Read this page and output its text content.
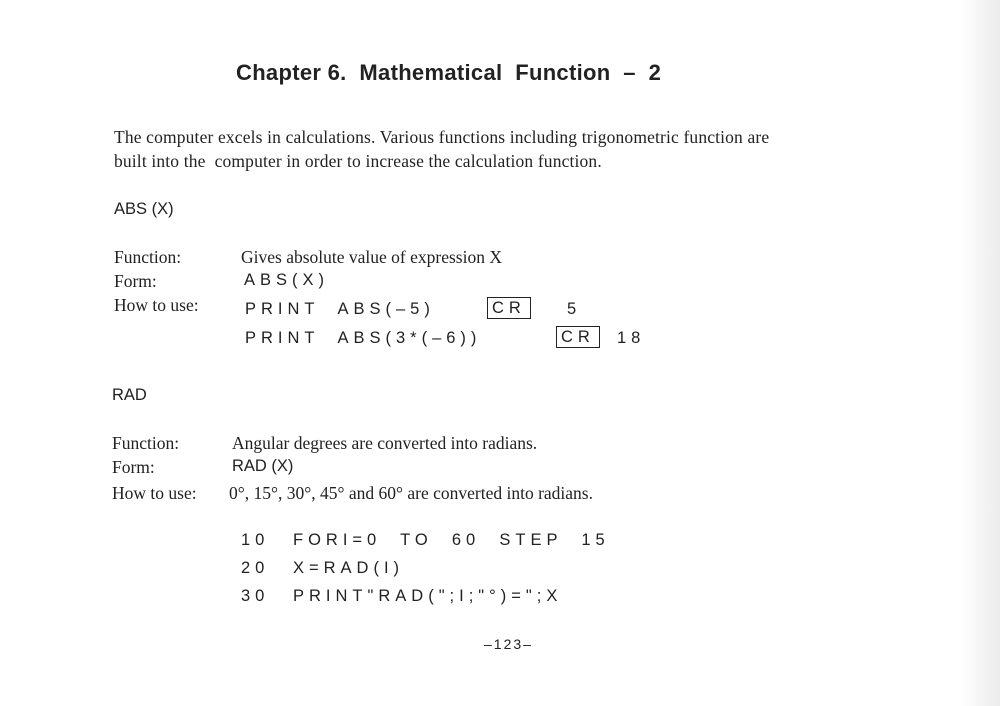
Chapter 6.  Mathematical  Function  –  2
The computer excels in calculations. Various functions including trigonometric function are
built into the  computer in order to increase the calculation function.
ABS (X)
Function:	Gives absolute value of expression X
Form:	ABS(X)
How to use:	PRINT  ABS(–5)	CR	5
PRINT  ABS(3*(–6))	CR	18
RAD
Function:	Angular degrees are converted into radians.
Form:	RAD (X)
How to use: 0°, 15°, 30°, 45° and 60° are converted into radians.
10 FORI=0  TO  60  STEP  15
20 X=RAD(I)
30 PRINT"RAD(";I;"°)=";X
–123–
